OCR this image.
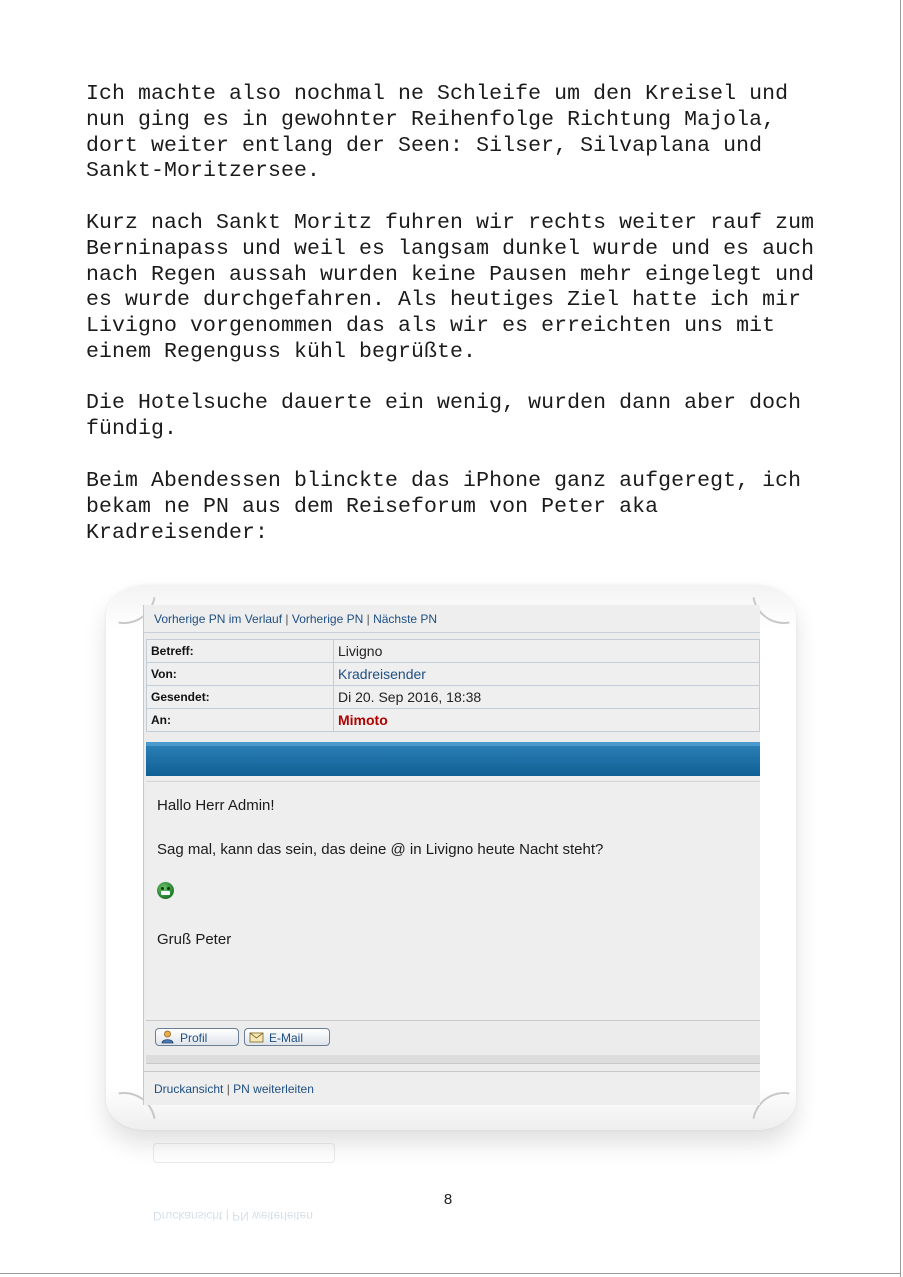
Ich machte also nochmal ne Schleife um den Kreisel und
nun ging es in gewohnter Reihenfolge Richtung Majola,
dort weiter entlang der Seen: Silser, Silvaplana und
Sankt-Moritzersee.

Kurz nach Sankt Moritz fuhren wir rechts weiter rauf zum
Berninapass und weil es langsam dunkel wurde und es auch
nach Regen aussah wurden keine Pausen mehr eingelegt und
es wurde durchgefahren. Als heutiges Ziel hatte ich mir
Livigno vorgenommen das als wir es erreichten uns mit
einem Regenguss kühl begrüßte.

Die Hotelsuche dauerte ein wenig, wurden dann aber doch
fündig.

Beim Abendessen blinckte das iPhone ganz aufgeregt, ich
bekam ne PN aus dem Reiseforum von Peter aka
Kradreisender:

Vorherige PN im Verlauf | Vorherige PN | Nächste PN
Betreff:	Livigno
Von:	Kradreisender
Gesendet:	Di 20. Sep 2016, 18:38
An:	Mimoto

Hallo Herr Admin!

Sag mal, kann das sein, das deine @ in Livigno heute Nacht steht?

Gruß Peter

Profil	E-Mail
Druckansicht | PN weiterleiten
Druckansicht | PN weiterleiten
8
